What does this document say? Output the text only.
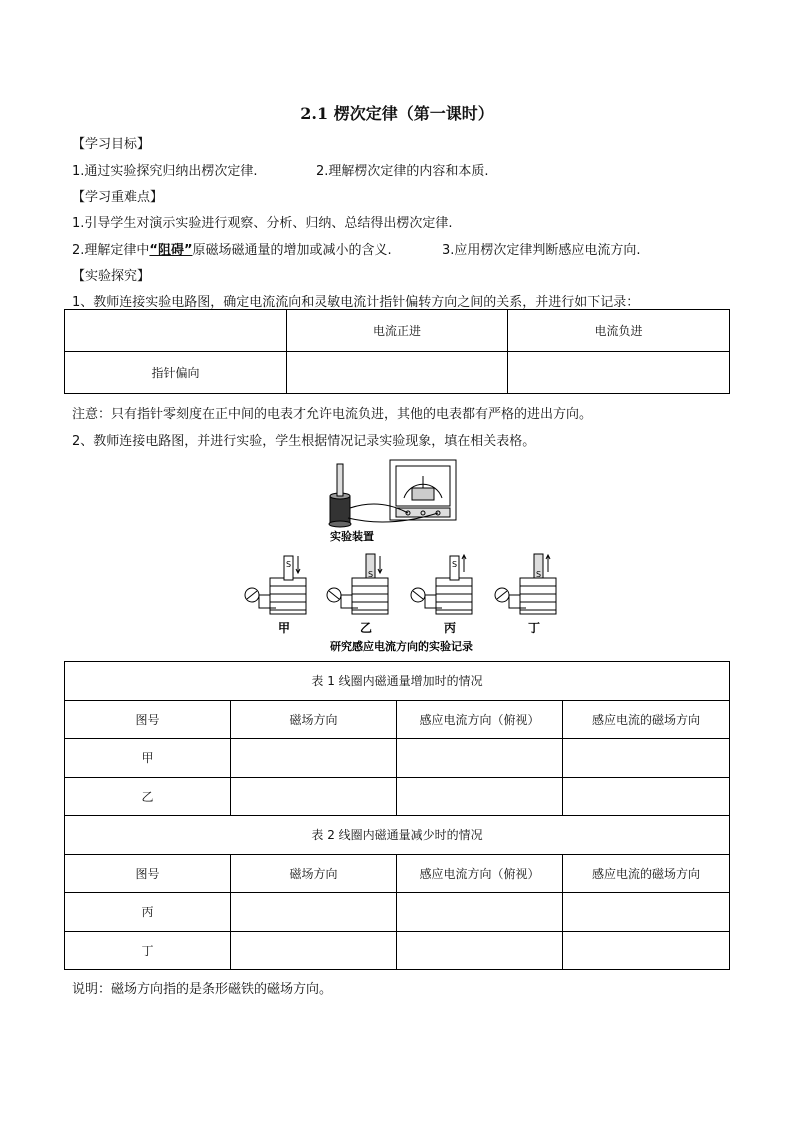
2.1 楞次定律（第一课时）
【学习目标】
1.通过实验探究归纳出楞次定律.	2.理解楞次定律的内容和本质.
【学习重难点】
1.引导学生对演示实验进行观察、分析、归纳、总结得出楞次定律.
2.理解定律中“阻碍”原磁场磁通量的增加或减小的含义.	3.应用楞次定律判断感应电流方向.
【实验探究】
1、教师连接实验电路图，确定电流流向和灵敏电流计指针偏转方向之间的关系，并进行如下记录：
	电流正进	电流负进
指针偏向		
注意：只有指针零刻度在正中间的电表才允许电流负进，其他的电表都有严格的进出方向。
2、教师连接电路图，并进行实验，学生根据情况记录实验现象，填在相关表格。
实验装置
S
S
S
S
甲	乙	丙	丁
研究感应电流方向的实验记录
表 1 线圈内磁通量增加时的情况			
图号	磁场方向	感应电流方向（俯视）	感应电流的磁场方向
甲			
乙			
表 2 线圈内磁通量减少时的情况			
图号	磁场方向	感应电流方向（俯视）	感应电流的磁场方向
丙			
丁			
说明：磁场方向指的是条形磁铁的磁场方向。
